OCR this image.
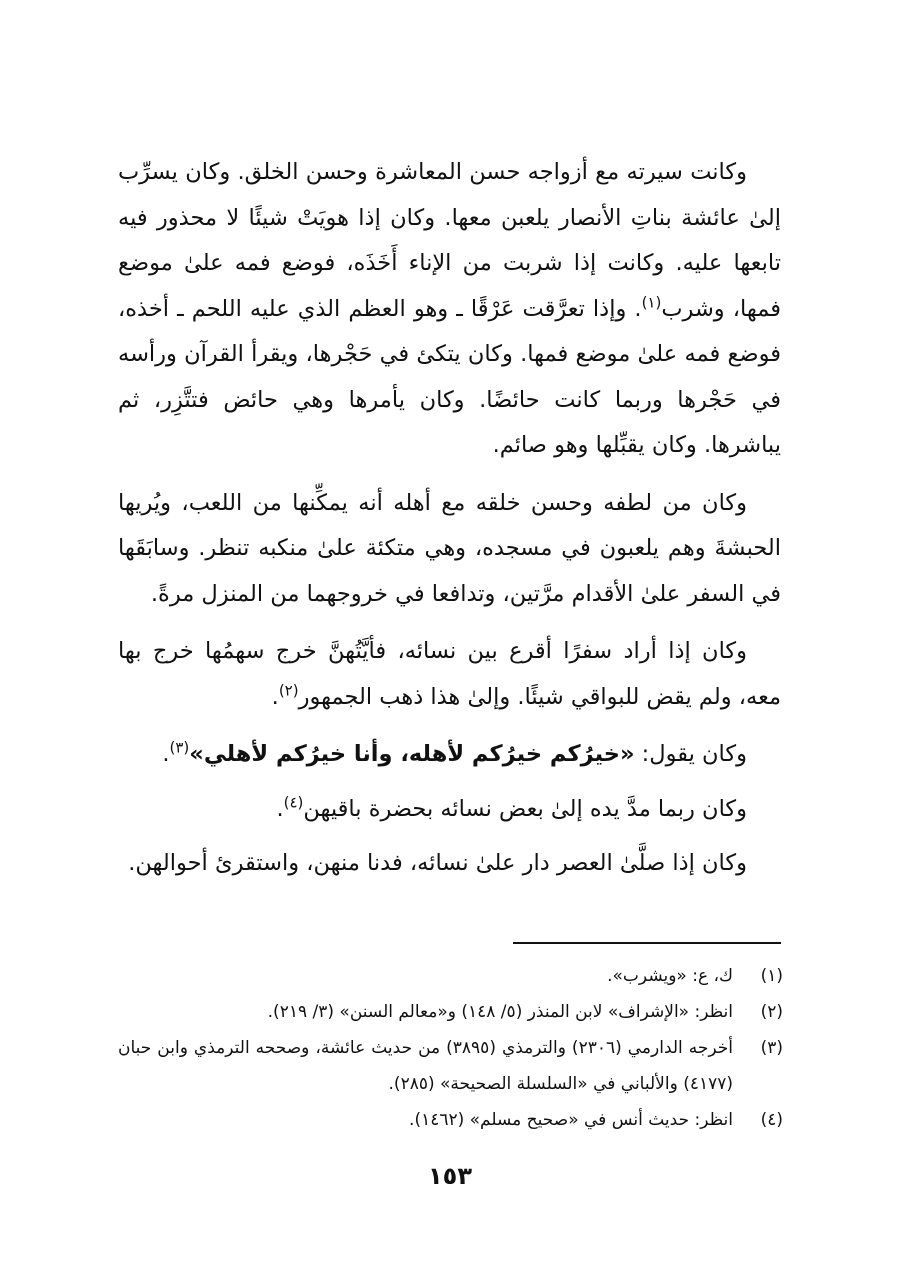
وكانت سيرته مع أزواجه حسن المعاشرة وحسن الخلق. وكان يسرِّب إلىٰ عائشة بناتِ الأنصار يلعبن معها. وكان إذا هويَتْ شيئًا لا محذور فيه تابعها عليه. وكانت إذا شربت من الإناء أَخَذَه، فوضع فمه علىٰ موضع فمها، وشرب$^{(١)}$. وإذا تعرَّقت عَرْقًا ـ وهو العظم الذي عليه اللحم ـ أخذه، فوضع فمه علىٰ موضع فمها. وكان يتكئ في حَجْرها، ويقرأ القرآن ورأسه في حَجْرها وربما كانت حائضًا. وكان يأمرها وهي حائض فتتَّزِر، ثم يباشرها. وكان يقبِّلها وهو صائم.

وكان من لطفه وحسن خلقه مع أهله أنه يمكِّنها من اللعب، ويُريها الحبشةَ وهم يلعبون في مسجده، وهي متكئة علىٰ منكبه تنظر. وسابَقَها في السفر علىٰ الأقدام مرَّتين، وتدافعا في خروجهما من المنزل مرةً.

وكان إذا أراد سفرًا أقرع بين نسائه، فأيَّتُهنَّ خرج سهمُها خرج بها معه، ولم يقض للبواقي شيئًا. وإلىٰ هذا ذهب الجمهور$^{(٢)}$.

وكان يقول: «خيرُكم خيرُكم لأهله، وأنا خيرُكم لأهلي»$^{(٣)}$.

وكان ربما مدَّ يده إلىٰ بعض نسائه بحضرة باقيهن$^{(٤)}$.

وكان إذا صلَّىٰ العصر دار علىٰ نسائه، فدنا منهن، واستقرئ أحوالهن.

(١)
ك، ع: «ويشرب».
(٢)
انظر: «الإشراف» لابن المنذر (٥/ ١٤٨) و«معالم السنن» (٣/ ٢١٩).
(٣)
أخرجه الدارمي (٢٣٠٦) والترمذي (٣٨٩٥) من حديث عائشة، وصححه الترمذي وابن حبان (٤١٧٧) والألباني في «السلسلة الصحيحة» (٢٨٥).
(٤)
انظر: حديث أنس في «صحيح مسلم» (١٤٦٢).
١٥٣
